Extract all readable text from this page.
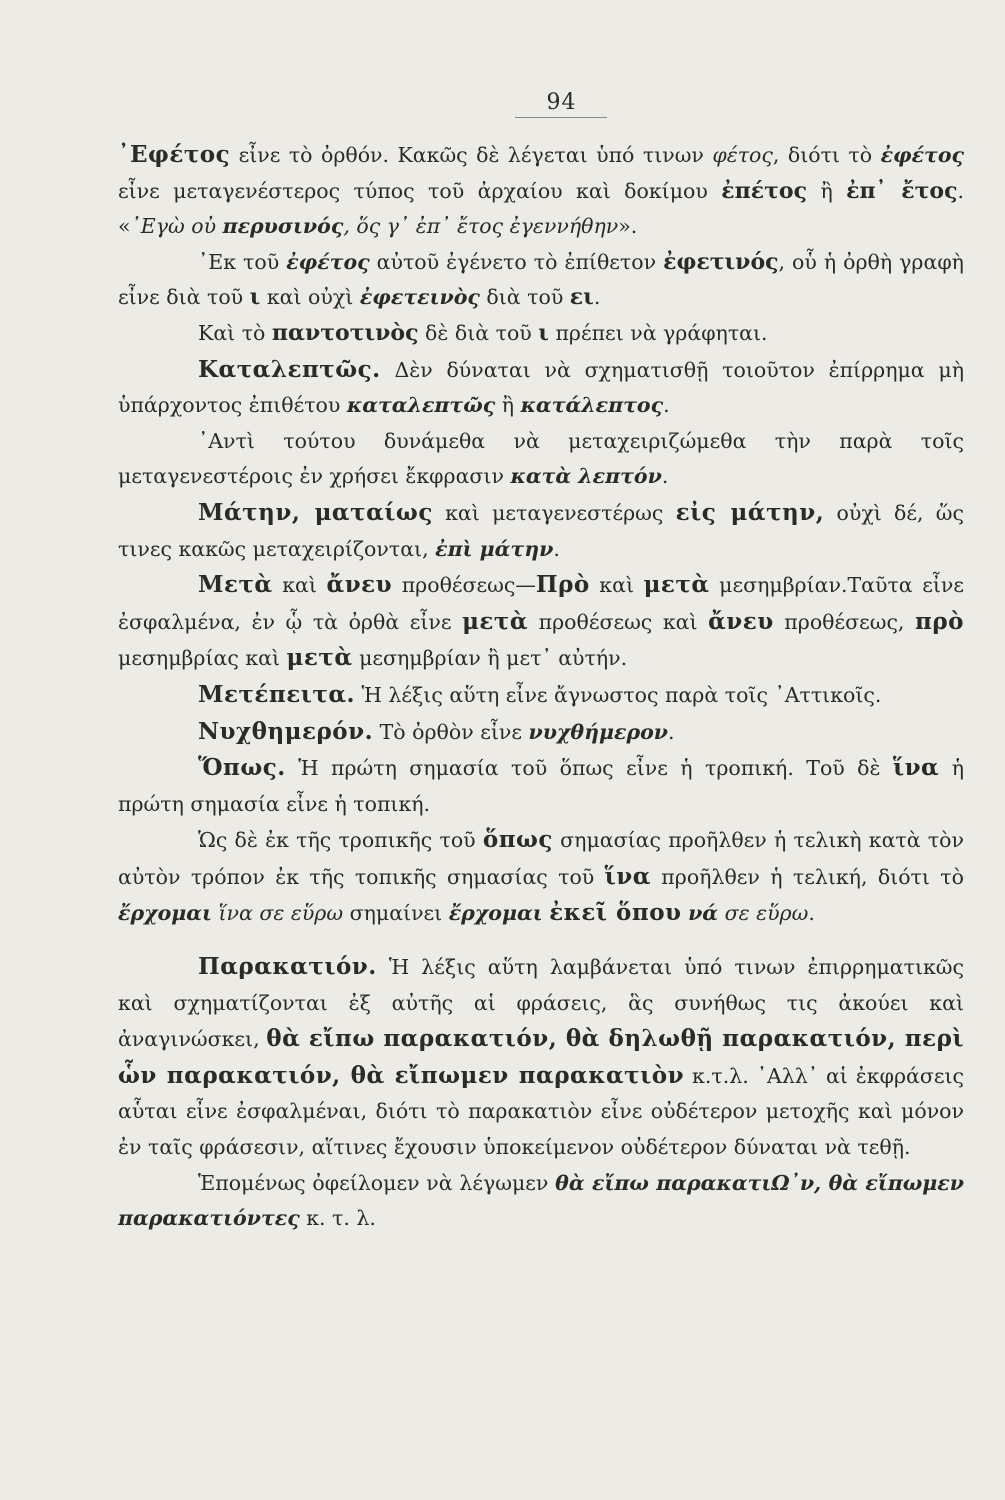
94

᾿Εφέτος εἶνε τὸ ὀρθόν. Κακῶς δὲ λέγεται ὑπό τινων φέτος, διότι τὸ ἐφέτος εἶνε μεταγενέστερος τύπος τοῦ ἀρχαίου καὶ δοκίμου ἐπέτος ἢ ἐπ᾿ ἔτος. «᾿Εγὼ οὐ περυσινός, ὅς γ᾿ ἐπ᾿ ἔτος ἐγεννήθην».

᾿Εκ τοῦ ἐφέτος αὐτοῦ ἐγένετο τὸ ἐπίθετον ἐφετινός, οὗ ἡ ὀρθὴ γραφὴ εἶνε διὰ τοῦ ι καὶ οὐχὶ ἐφετεινὸς διὰ τοῦ ει.

Καὶ τὸ παντοτινὸς δὲ διὰ τοῦ ι πρέπει νὰ γράφηται.

Καταλεπτῶς. Δὲν δύναται νὰ σχηματισθῇ τοιοῦτον ἐπίρρημα μὴ ὑπάρχοντος ἐπιθέτου καταλεπτῶς ἢ κατάλεπτος.

᾿Αντὶ τούτου δυνάμεθα νὰ μεταχειριζώμεθα τὴν παρὰ τοῖς μεταγενεστέροις ἐν χρήσει ἔκφρασιν κατὰ λεπτόν.

Μάτην, ματαίως καὶ μεταγενεστέρως εἰς μάτην, οὐχὶ δέ, ὥς τινες κακῶς μεταχειρίζονται, ἐπὶ μάτην.

Μετὰ καὶ ἄνευ προθέσεως—Πρὸ καὶ μετὰ μεσημβρίαν.Ταῦτα εἶνε ἐσφαλμένα, ἐν ᾧ τὰ ὀρθὰ εἶνε μετὰ προθέσεως καὶ ἄνευ προθέσεως, πρὸ μεσημβρίας καὶ μετὰ μεσημβρίαν ἢ μετ᾿ αὐτήν.

Μετέπειτα. Ἡ λέξις αὕτη εἶνε ἄγνωστος παρὰ τοῖς ᾿Αττικοῖς.

Νυχθημερόν. Τὸ ὀρθὸν εἶνε νυχθήμερον.

Ὅπως. Ἡ πρώτη σημασία τοῦ ὅπως εἶνε ἡ τροπική. Τοῦ δὲ ἵνα ἡ πρώτη σημασία εἶνε ἡ τοπική.

Ὡς δὲ ἐκ τῆς τροπικῆς τοῦ ὅπως σημασίας προῆλθεν ἡ τελικὴ κατὰ τὸν αὐτὸν τρόπον ἐκ τῆς τοπικῆς σημασίας τοῦ ἵνα προῆλθεν ἡ τελική, διότι τὸ ἔρχομαι ἵνα σε εὕρω σημαίνει ἔρχομαι ἐκεῖ ὅπου νά σε εὕρω.

Παρακατιόν. Ἡ λέξις αὕτη λαμβάνεται ὑπό τινων ἐπιρρηματικῶς καὶ σχηματίζονται ἐξ αὐτῆς αἱ φράσεις, ἃς συνήθως τις ἀκούει καὶ ἀναγινώσκει, θὰ εἴπω παρακατιόν, θὰ δηλωθῇ παρακατιόν, περὶ ὧν παρακατιόν, θὰ εἴπωμεν παρακατιὸν κ.τ.λ. ᾿Αλλ᾿ αἱ ἐκφράσεις αὗται εἶνε ἐσφαλμέναι, διότι τὸ παρακατιὸν εἶνε οὐδέτερον μετοχῆς καὶ μόνον ἐν ταῖς φράσεσιν, αἵτινες ἔχουσιν ὑποκείμενον οὐδέτερον δύναται νὰ τεθῇ.

Ἑπομένως ὀφείλομεν νὰ λέγωμεν θὰ εἴπω παρακατιΩ᾿ν, θὰ εἴπωμεν παρακατιόντες κ. τ. λ.
